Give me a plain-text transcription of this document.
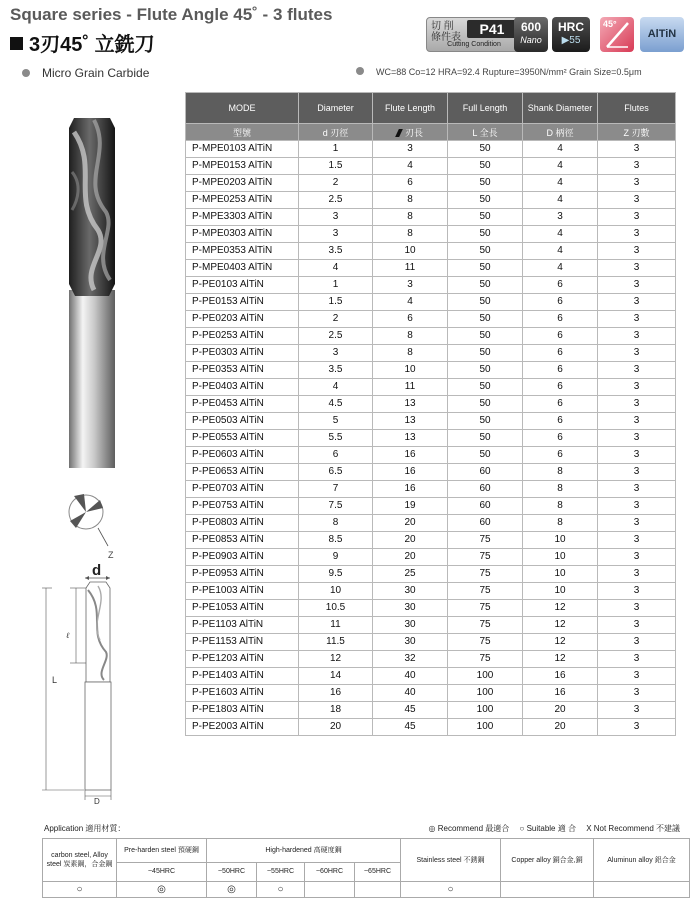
Square series - Flute Angle 45˚ - 3 flutes
3刃45˚ 立銑刀
切 削 條件表
P41
Cutting Condition
600
Nano
HRC
▶55
45°
AlTiN
Micro Grain Carbide	WC=88 Co=12 HRA=92.4 Rupture=3950N/mm² Grain Size=0.5μm
Z
d
ℓ
L
D
MODE	Diameter	Flute Length	Full Length	Shank Diameter	Flutes
型號	d 刃徑	刃長	L 全長	D 柄徑	Z 刃數
P-MPE0103 AlTiN	1	3	50	4	3
P-MPE0153 AlTiN	1.5	4	50	4	3
P-MPE0203 AlTiN	2	6	50	4	3
P-MPE0253 AlTiN	2.5	8	50	4	3
P-MPE3303 AlTiN	3	8	50	3	3
P-MPE0303 AlTiN	3	8	50	4	3
P-MPE0353 AlTiN	3.5	10	50	4	3
P-MPE0403 AlTiN	4	11	50	4	3
P-PE0103 AlTiN	1	3	50	6	3
P-PE0153 AlTiN	1.5	4	50	6	3
P-PE0203 AlTiN	2	6	50	6	3
P-PE0253 AlTiN	2.5	8	50	6	3
P-PE0303 AlTiN	3	8	50	6	3
P-PE0353 AlTiN	3.5	10	50	6	3
P-PE0403 AlTiN	4	11	50	6	3
P-PE0453 AlTiN	4.5	13	50	6	3
P-PE0503 AlTiN	5	13	50	6	3
P-PE0553 AlTiN	5.5	13	50	6	3
P-PE0603 AlTiN	6	16	50	6	3
P-PE0653 AlTiN	6.5	16	60	8	3
P-PE0703 AlTiN	7	16	60	8	3
P-PE0753 AlTiN	7.5	19	60	8	3
P-PE0803 AlTiN	8	20	60	8	3
P-PE0853 AlTiN	8.5	20	75	10	3
P-PE0903 AlTiN	9	20	75	10	3
P-PE0953 AlTiN	9.5	25	75	10	3
P-PE1003 AlTiN	10	30	75	10	3
P-PE1053 AlTiN	10.5	30	75	12	3
P-PE1103 AlTiN	11	30	75	12	3
P-PE1153 AlTiN	11.5	30	75	12	3
P-PE1203 AlTiN	12	32	75	12	3
P-PE1403 AlTiN	14	40	100	16	3
P-PE1603 AlTiN	16	40	100	16	3
P-PE1803 AlTiN	18	45	100	20	3
P-PE2003 AlTiN	20	45	100	20	3
Application 適用材質：	◎ Recommend 最適合 ○ Suitable 適 合 X Not Recommend 不建議
carbon steel, Alloy steel 炭素鋼，合金鋼	Pre-harden steel 預硬鋼	High-hardened 高硬度鋼				Stainless steel 不銹鋼	Copper alloy 銅合金,銅	Aluminun alloy 鋁合金
	~45HRC	~50HRC	~55HRC	~60HRC	~65HRC			
○	◎	◎	○			○		
